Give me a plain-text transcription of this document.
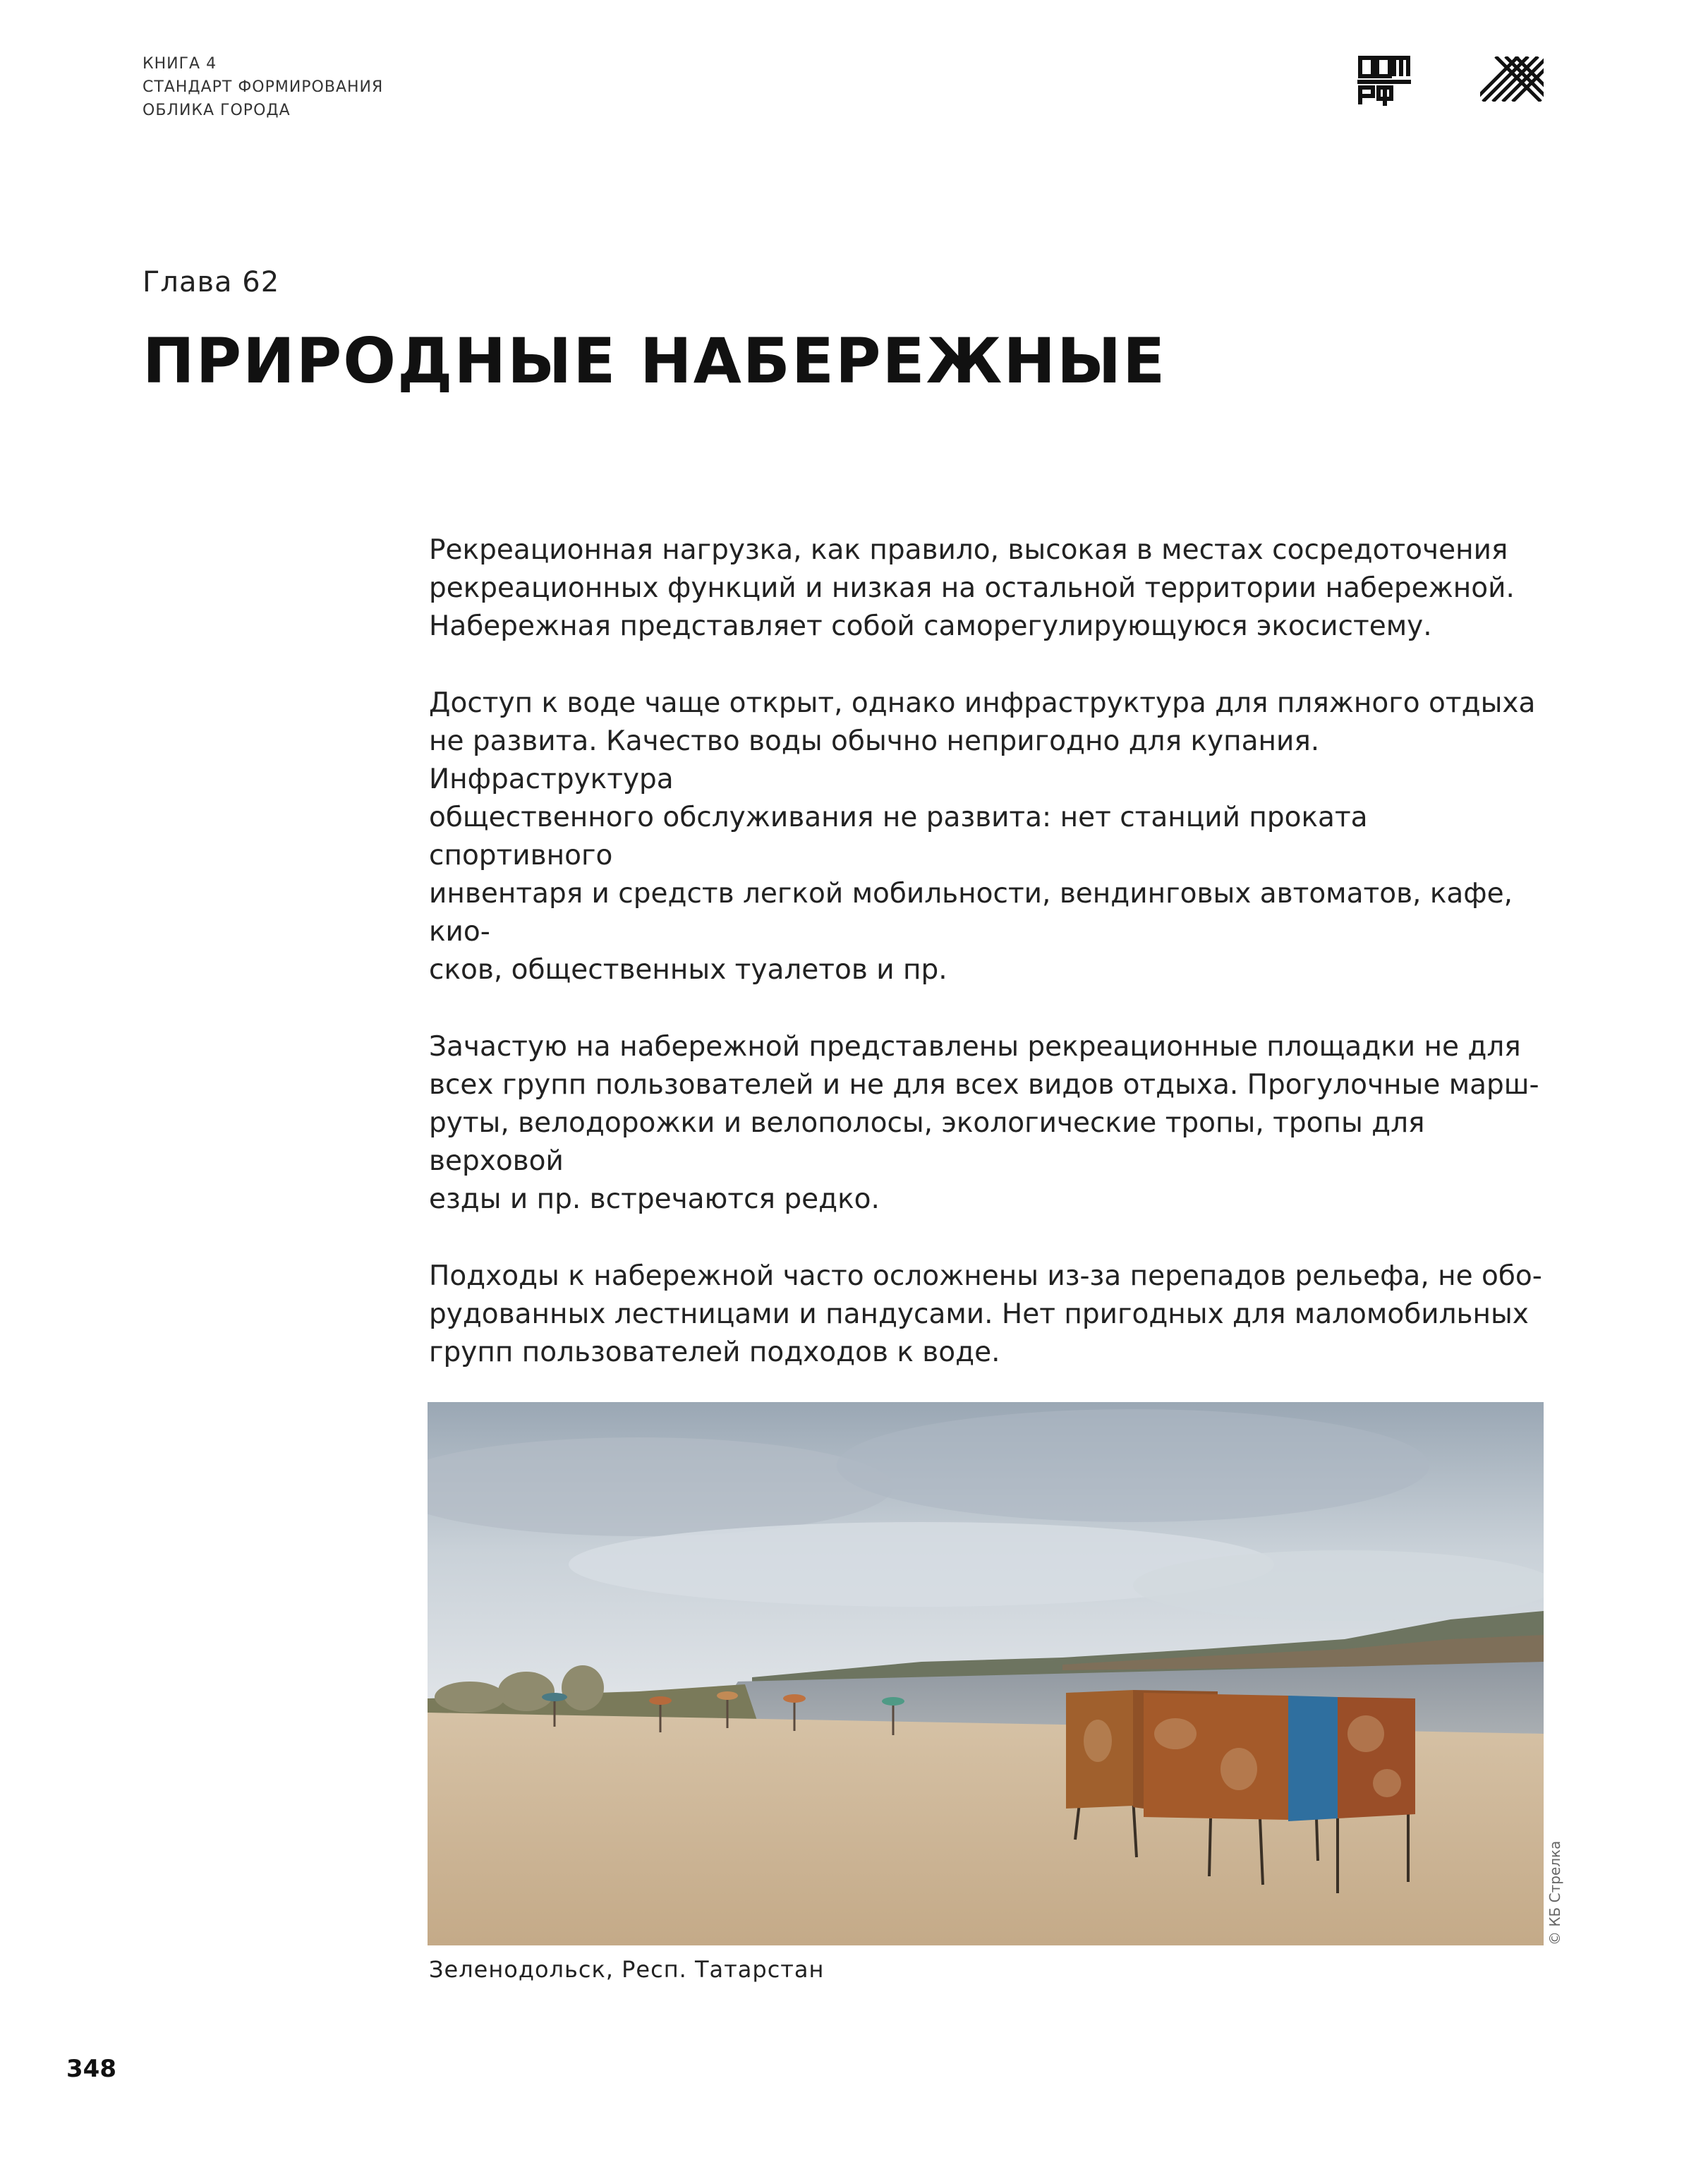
КНИГА 4
СТАНДАРТ ФОРМИРОВАНИЯ
ОБЛИКА ГОРОДА
Глава 62
ПРИРОДНЫЕ НАБЕРЕЖНЫЕ

Рекреационная нагрузка, как правило, высокая в местах сосредоточения
рекреационных функций и низкая на остальной территории набережной.
Набережная представляет собой саморегулирующуюся экосистему.

Доступ к воде чаще открыт, однако инфраструктура для пляжного отдыха
не развита. Качество воды обычно непригодно для купания. Инфраструктура
общественного обслуживания не развита: нет станций проката спортивного
инвентаря и средств легкой мобильности, вендинговых автоматов, кафе, кио-
сков, общественных туалетов и пр.

Зачастую на набережной представлены рекреационные площадки не для
всех групп пользователей и не для всех видов отдыха. Прогулочные марш-
руты, велодорожки и велополосы, экологические тропы, тропы для верховой
езды и пр. встречаются редко.

Подходы к набережной часто осложнены из-за перепадов рельефа, не обо-
рудованных лестницами и пандусами. Нет пригодных для маломобильных
групп пользователей подходов к воде.

© КБ Стрелка
Зеленодольск, Респ. Татарстан
348
